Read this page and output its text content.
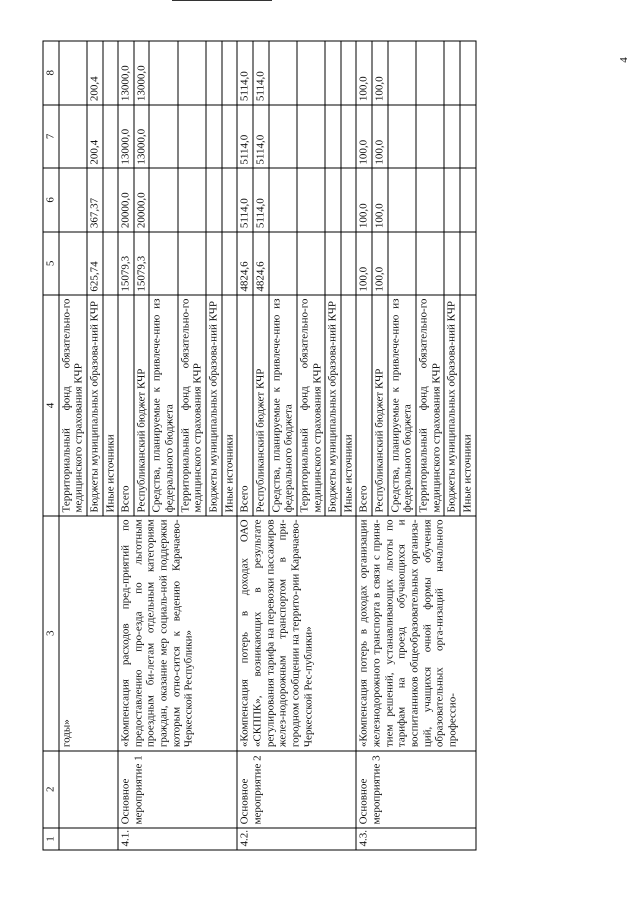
4
1	2	3	4	5	6	7	8
		годы»	Территориальный фонд обязательно-го медицинского страхования КЧР				
			Бюджеты муниципальных образова-ний КЧР	625,74	367,37	200,4	200,4
			Иные источники				
4.1.	Основное мероприятие 1	«Компенсация расходов пред-приятий по предоставлению про-езда по льготным проездным би-летам отдельным категориям граждан, оказание мер социаль-ной поддержки которым отно-сится к ведению Карачаево-Черкесской Республики»	Всего	15079,3	20000,0	13000,0	13000,0
			Республиканский бюджет КЧР	15079,3	20000,0	13000,0	13000,0
			Средства, планируемые к привлече-нию из федерального бюджета				
			Территориальный фонд обязательно-го медицинского страхования КЧР				
			Бюджеты муниципальных образова-ний КЧР				
			Иные источники				
4.2.	Основное мероприятие 2	«Компенсация потерь в доходах ОАО «СКППК», возникающих в результате регулирования тарифа на перевозки пассажиров желез-нодорожным транспортом в при-городном сообщении на террито-рии Карачаево-Черкесской Рес-публики»	Всего	4824,6	5114,0	5114,0	5114,0
			Республиканский бюджет КЧР	4824,6	5114,0	5114,0	5114,0
			Средства, планируемые к привлече-нию из федерального бюджета				
			Территориальный фонд обязательно-го медицинского страхования КЧР				
			Бюджеты муниципальных образова-ний КЧР				
			Иные источники				
4.3.	Основное мероприятие 3	«Компенсация потерь в доходах организации железнодорожного транспорта в связи с приня-тием решений, устанавливающих льготы по тарифам на проезд обучающихся и воспитанников общеобразовательных организа-ций, учащихся очной формы обучения образовательных орга-низаций начального профессио-	Всего	100,0	100,0	100,0	100,0
			Республиканский бюджет КЧР	100,0	100,0	100,0	100,0
			Средства, планируемые к привлече-нию из федерального бюджета				
			Территориальный фонд обязательно-го медицинского страхования КЧР				
			Бюджеты муниципальных образова-ний КЧР				
			Иные источники				
